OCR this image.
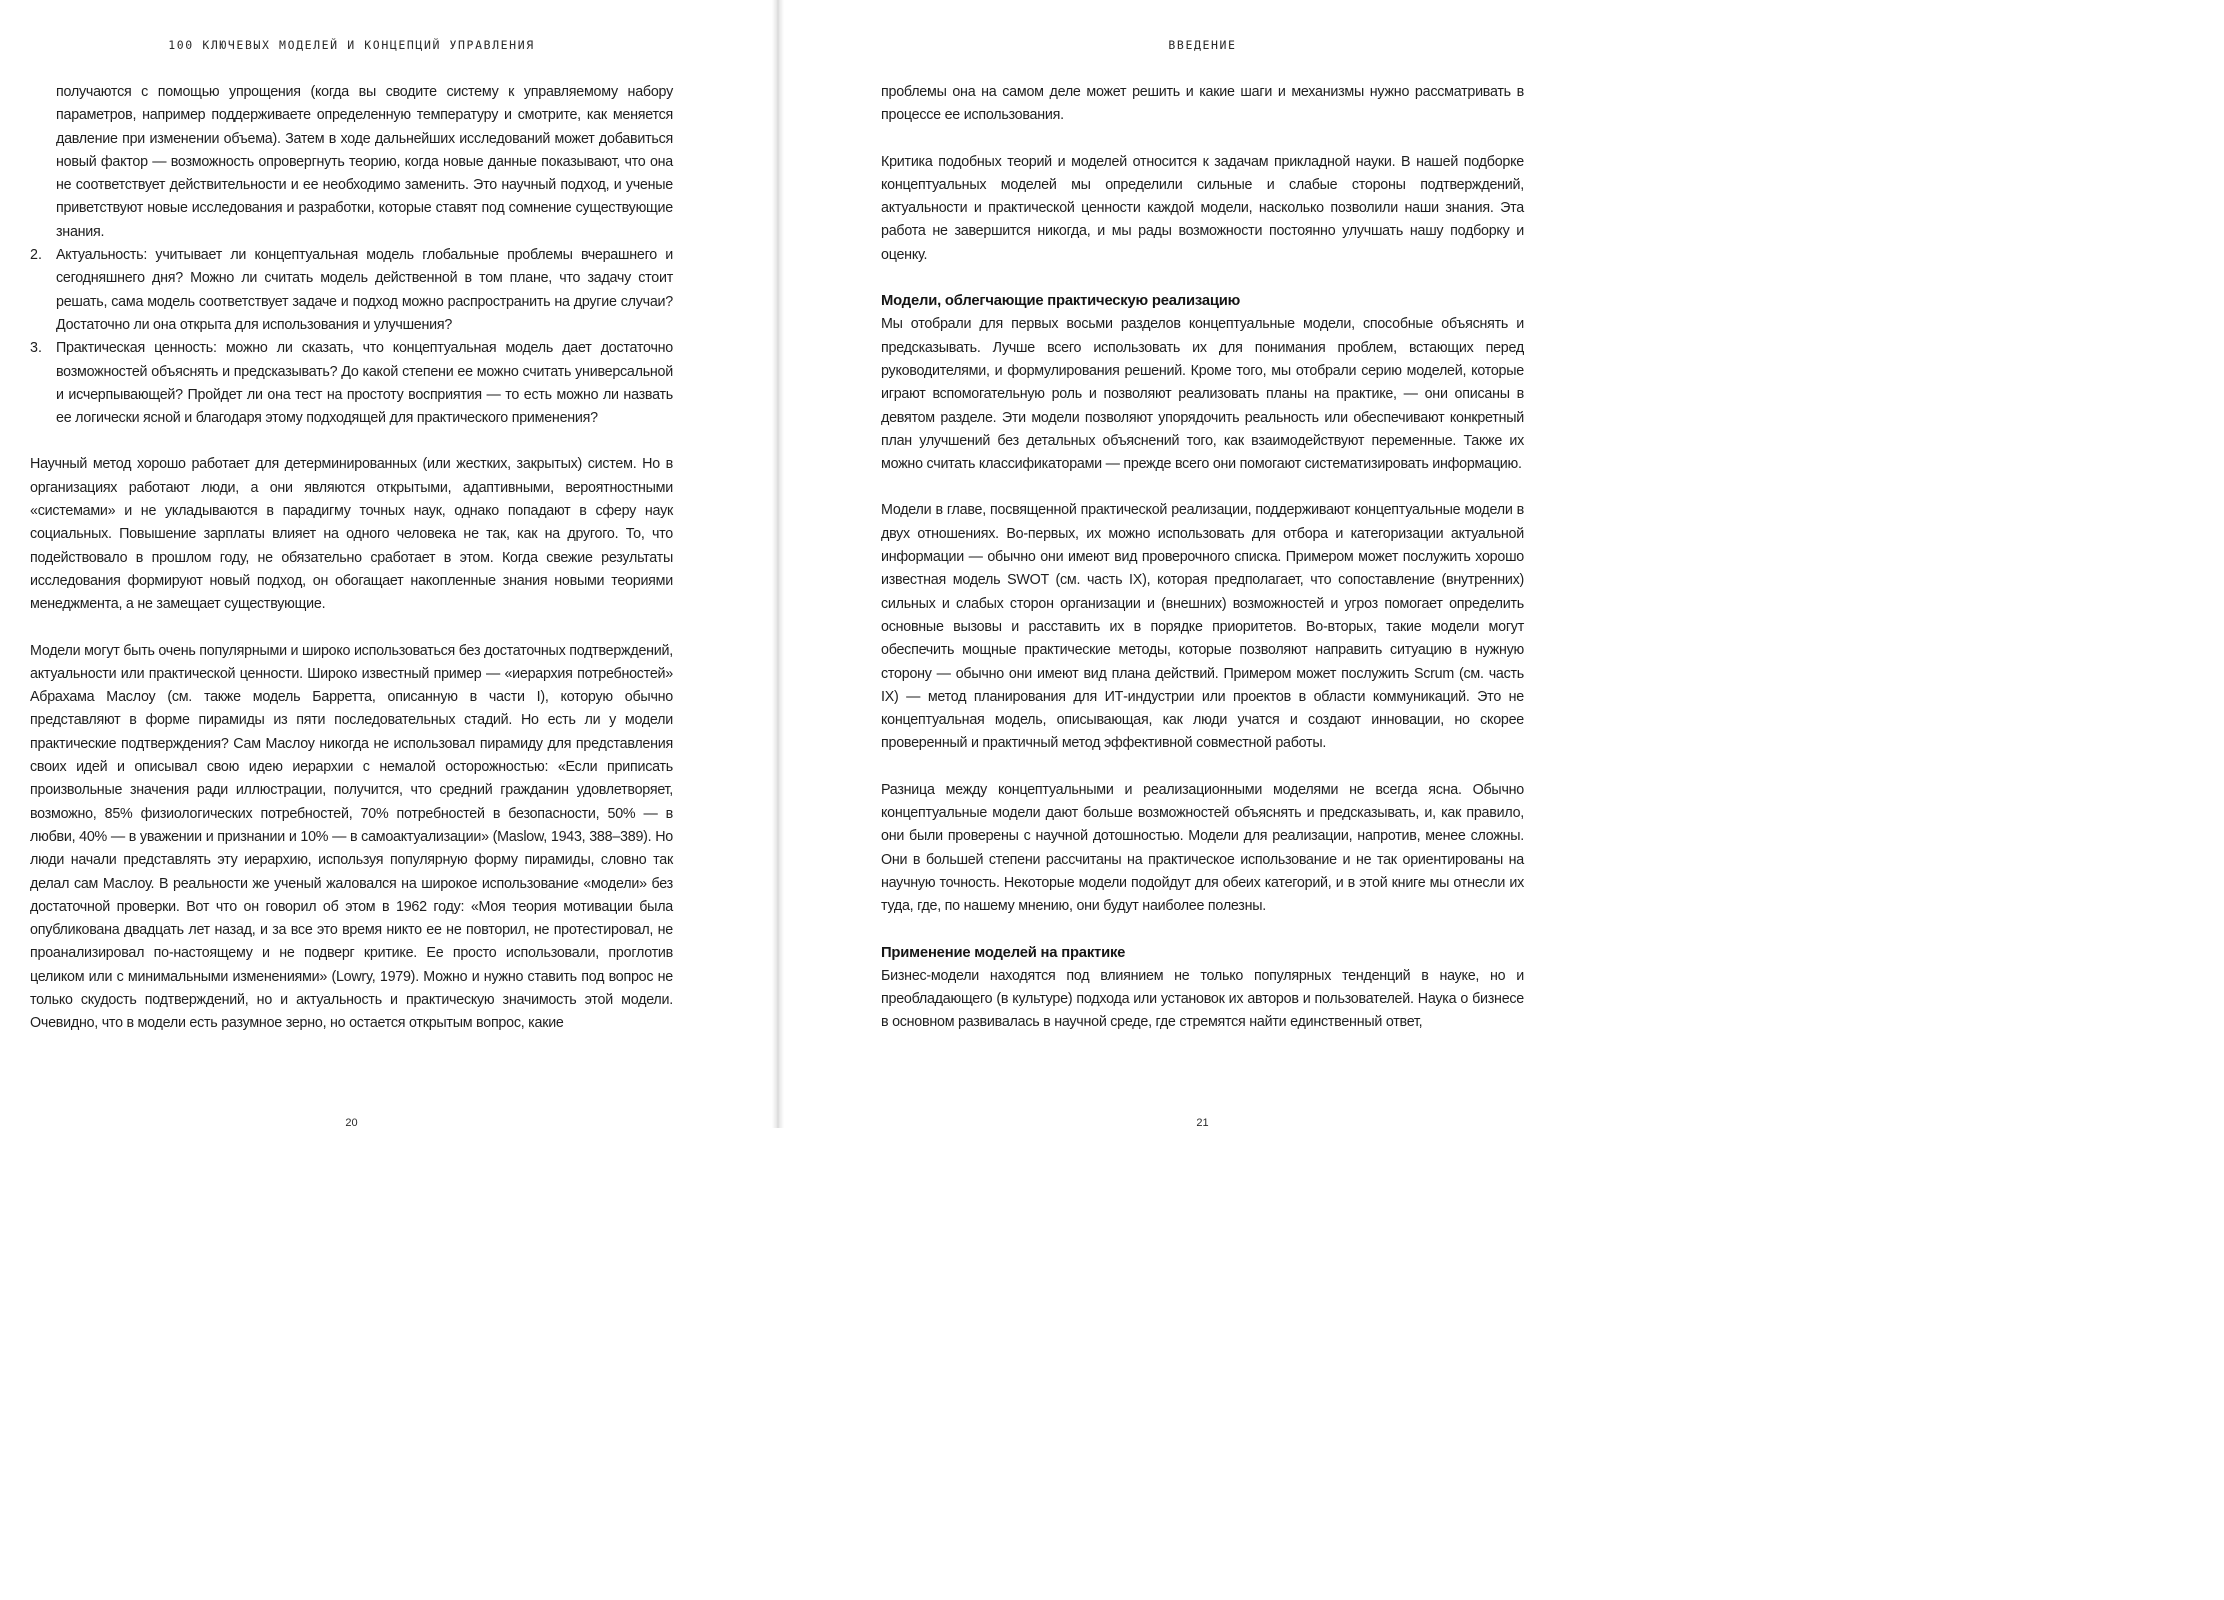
100 КЛЮЧЕВЫХ МОДЕЛЕЙ И КОНЦЕПЦИЙ УПРАВЛЕНИЯ

получаются с помощью упрощения (когда вы сводите систему к управляемому набору параметров, например поддерживаете определенную температуру и смотрите, как меняется давление при изменении объема). Затем в ходе дальнейших исследований может добавиться новый фактор — возможность опровергнуть теорию, когда новые данные показывают, что она не соответствует действительности и ее необходимо заменить. Это научный подход, и ученые приветствуют новые исследования и разработки, которые ставят под сомнение существующие знания.

2. Актуальность: учитывает ли концептуальная модель глобальные проблемы вчерашнего и сегодняшнего дня? Можно ли считать модель действенной в том плане, что задачу стоит решать, сама модель соответствует задаче и подход можно распространить на другие случаи? Достаточно ли она открыта для использования и улучшения?

3. Практическая ценность: можно ли сказать, что концептуальная модель дает достаточно возможностей объяснять и предсказывать? До какой степени ее можно считать универсальной и исчерпывающей? Пройдет ли она тест на простоту восприятия — то есть можно ли назвать ее логически ясной и благодаря этому подходящей для практического применения?

Научный метод хорошо работает для детерминированных (или жестких, закрытых) систем. Но в организациях работают люди, а они являются открытыми, адаптивными, вероятностными «системами» и не укладываются в парадигму точных наук, однако попадают в сферу наук социальных. Повышение зарплаты влияет на одного человека не так, как на другого. То, что подействовало в прошлом году, не обязательно сработает в этом. Когда свежие результаты исследования формируют новый подход, он обогащает накопленные знания новыми теориями менеджмента, а не замещает существующие.

Модели могут быть очень популярными и широко использоваться без достаточных подтверждений, актуальности или практической ценности. Широко известный пример — «иерархия потребностей» Абрахама Маслоу (см. также модель Барретта, описанную в части I), которую обычно представляют в форме пирамиды из пяти последовательных стадий. Но есть ли у модели практические подтверждения? Сам Маслоу никогда не использовал пирамиду для представления своих идей и описывал свою идею иерархии с немалой осторожностью: «Если приписать произвольные значения ради иллюстрации, получится, что средний гражданин удовлетворяет, возможно, 85% физиологических потребностей, 70% потребностей в безопасности, 50% — в любви, 40% — в уважении и признании и 10% — в самоактуализации» (Maslow, 1943, 388–389). Но люди начали представлять эту иерархию, используя популярную форму пирамиды, словно так делал сам Маслоу. В реальности же ученый жаловался на широкое использование «модели» без достаточной проверки. Вот что он говорил об этом в 1962 году: «Моя теория мотивации была опубликована двадцать лет назад, и за все это время никто ее не повторил, не протестировал, не проанализировал по-настоящему и не подверг критике. Ее просто использовали, проглотив целиком или с минимальными изменениями» (Lowry, 1979). Можно и нужно ставить под вопрос не только скудость подтверждений, но и актуальность и практическую значимость этой модели. Очевидно, что в модели есть разумное зерно, но остается открытым вопрос, какие

20
ВВЕДЕНИЕ

проблемы она на самом деле может решить и какие шаги и механизмы нужно рассматривать в процессе ее использования.

Критика подобных теорий и моделей относится к задачам прикладной науки. В нашей подборке концептуальных моделей мы определили сильные и слабые стороны подтверждений, актуальности и практической ценности каждой модели, насколько позволили наши знания. Эта работа не завершится никогда, и мы рады возможности постоянно улучшать нашу подборку и оценку.

Модели, облегчающие практическую реализацию

Мы отобрали для первых восьми разделов концептуальные модели, способные объяснять и предсказывать. Лучше всего использовать их для понимания проблем, встающих перед руководителями, и формулирования решений. Кроме того, мы отобрали серию моделей, которые играют вспомогательную роль и позволяют реализовать планы на практике, — они описаны в девятом разделе. Эти модели позволяют упорядочить реальность или обеспечивают конкретный план улучшений без детальных объяснений того, как взаимодействуют переменные. Также их можно считать классификаторами — прежде всего они помогают систематизировать информацию.

Модели в главе, посвященной практической реализации, поддерживают концептуальные модели в двух отношениях. Во-первых, их можно использовать для отбора и категоризации актуальной информации — обычно они имеют вид проверочного списка. Примером может послужить хорошо известная модель SWOT (см. часть IX), которая предполагает, что сопоставление (внутренних) сильных и слабых сторон организации и (внешних) возможностей и угроз помогает определить основные вызовы и расставить их в порядке приоритетов. Во-вторых, такие модели могут обеспечить мощные практические методы, которые позволяют направить ситуацию в нужную сторону — обычно они имеют вид плана действий. Примером может послужить Scrum (см. часть IX) — метод планирования для ИТ-индустрии или проектов в области коммуникаций. Это не концептуальная модель, описывающая, как люди учатся и создают инновации, но скорее проверенный и практичный метод эффективной совместной работы.

Разница между концептуальными и реализационными моделями не всегда ясна. Обычно концептуальные модели дают больше возможностей объяснять и предсказывать, и, как правило, они были проверены с научной дотошностью. Модели для реализации, напротив, менее сложны. Они в большей степени рассчитаны на практическое использование и не так ориентированы на научную точность. Некоторые модели подойдут для обеих категорий, и в этой книге мы отнесли их туда, где, по нашему мнению, они будут наиболее полезны.

Применение моделей на практике

Бизнес-модели находятся под влиянием не только популярных тенденций в науке, но и преобладающего (в культуре) подхода или установок их авторов и пользователей. Наука о бизнесе в основном развивалась в научной среде, где стремятся найти единственный ответ,

21
